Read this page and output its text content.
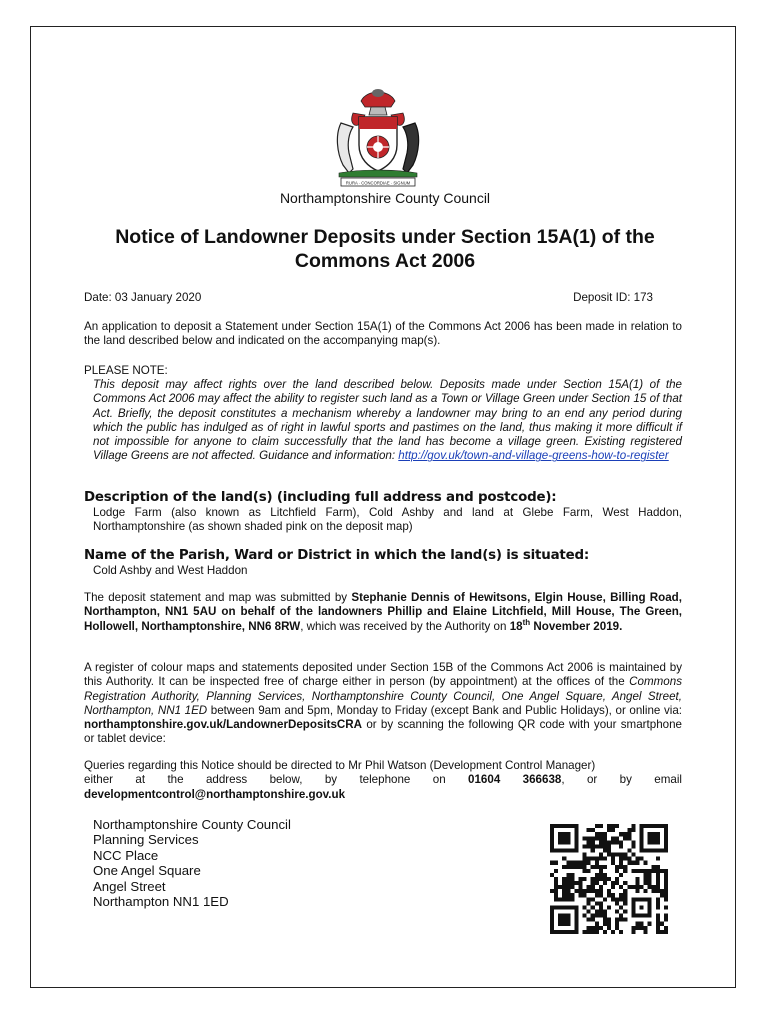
RURA · CONCORDIAE · SIGNUM
Northamptonshire County Council
Notice of Landowner Deposits under Section 15A(1) of the
Commons Act 2006
Date: 03 January 2020	Deposit ID: 173
An application to deposit a Statement under Section 15A(1) of the Commons Act 2006 has been made in relation to the land described below and indicated on the accompanying map(s).
PLEASE NOTE:
This deposit may affect rights over the land described below. Deposits made under Section 15A(1) of the Commons Act 2006 may affect the ability to register such land as a Town or Village Green under Section 15 of that Act. Briefly, the deposit constitutes a mechanism whereby a landowner may bring to an end any period during which the public has indulged as of right in lawful sports and pastimes on the land, thus making it more difficult if not impossible for anyone to claim successfully that the land has become a village green. Existing registered Village Greens are not affected. Guidance and information: http://gov.uk/town-and-village-greens-how-to-register
Description of the land(s) (including full address and postcode):
Lodge Farm (also known as Litchfield Farm), Cold Ashby and land at Glebe Farm, West Haddon, Northamptonshire (as shown shaded pink on the deposit map)
Name of the Parish, Ward or District in which the land(s) is situated:
Cold Ashby and West Haddon
The deposit statement and map was submitted by Stephanie Dennis of Hewitsons, Elgin House, Billing Road, Northampton, NN1 5AU on behalf of the landowners Phillip and Elaine Litchfield, Mill House, The Green, Hollowell, Northamptonshire, NN6 8RW, which was received by the Authority on 18th November 2019.
A register of colour maps and statements deposited under Section 15B of the Commons Act 2006 is maintained by this Authority. It can be inspected free of charge either in person (by appointment) at the offices of the Commons Registration Authority, Planning Services, Northamptonshire County Council, One Angel Square, Angel Street, Northampton, NN1 1ED between 9am and 5pm, Monday to Friday (except Bank and Public Holidays), or online via: northamptonshire.gov.uk/LandownerDepositsCRA or by scanning the following QR code with your smartphone or tablet device:
Queries regarding this Notice should be directed to Mr Phil Watson (Development Control Manager)
either at the address below, by telephone on 01604 366638, or by email
developmentcontrol@northamptonshire.gov.uk
Northamptonshire County Council
Planning Services
NCC Place
One Angel Square
Angel Street
Northampton NN1 1ED
